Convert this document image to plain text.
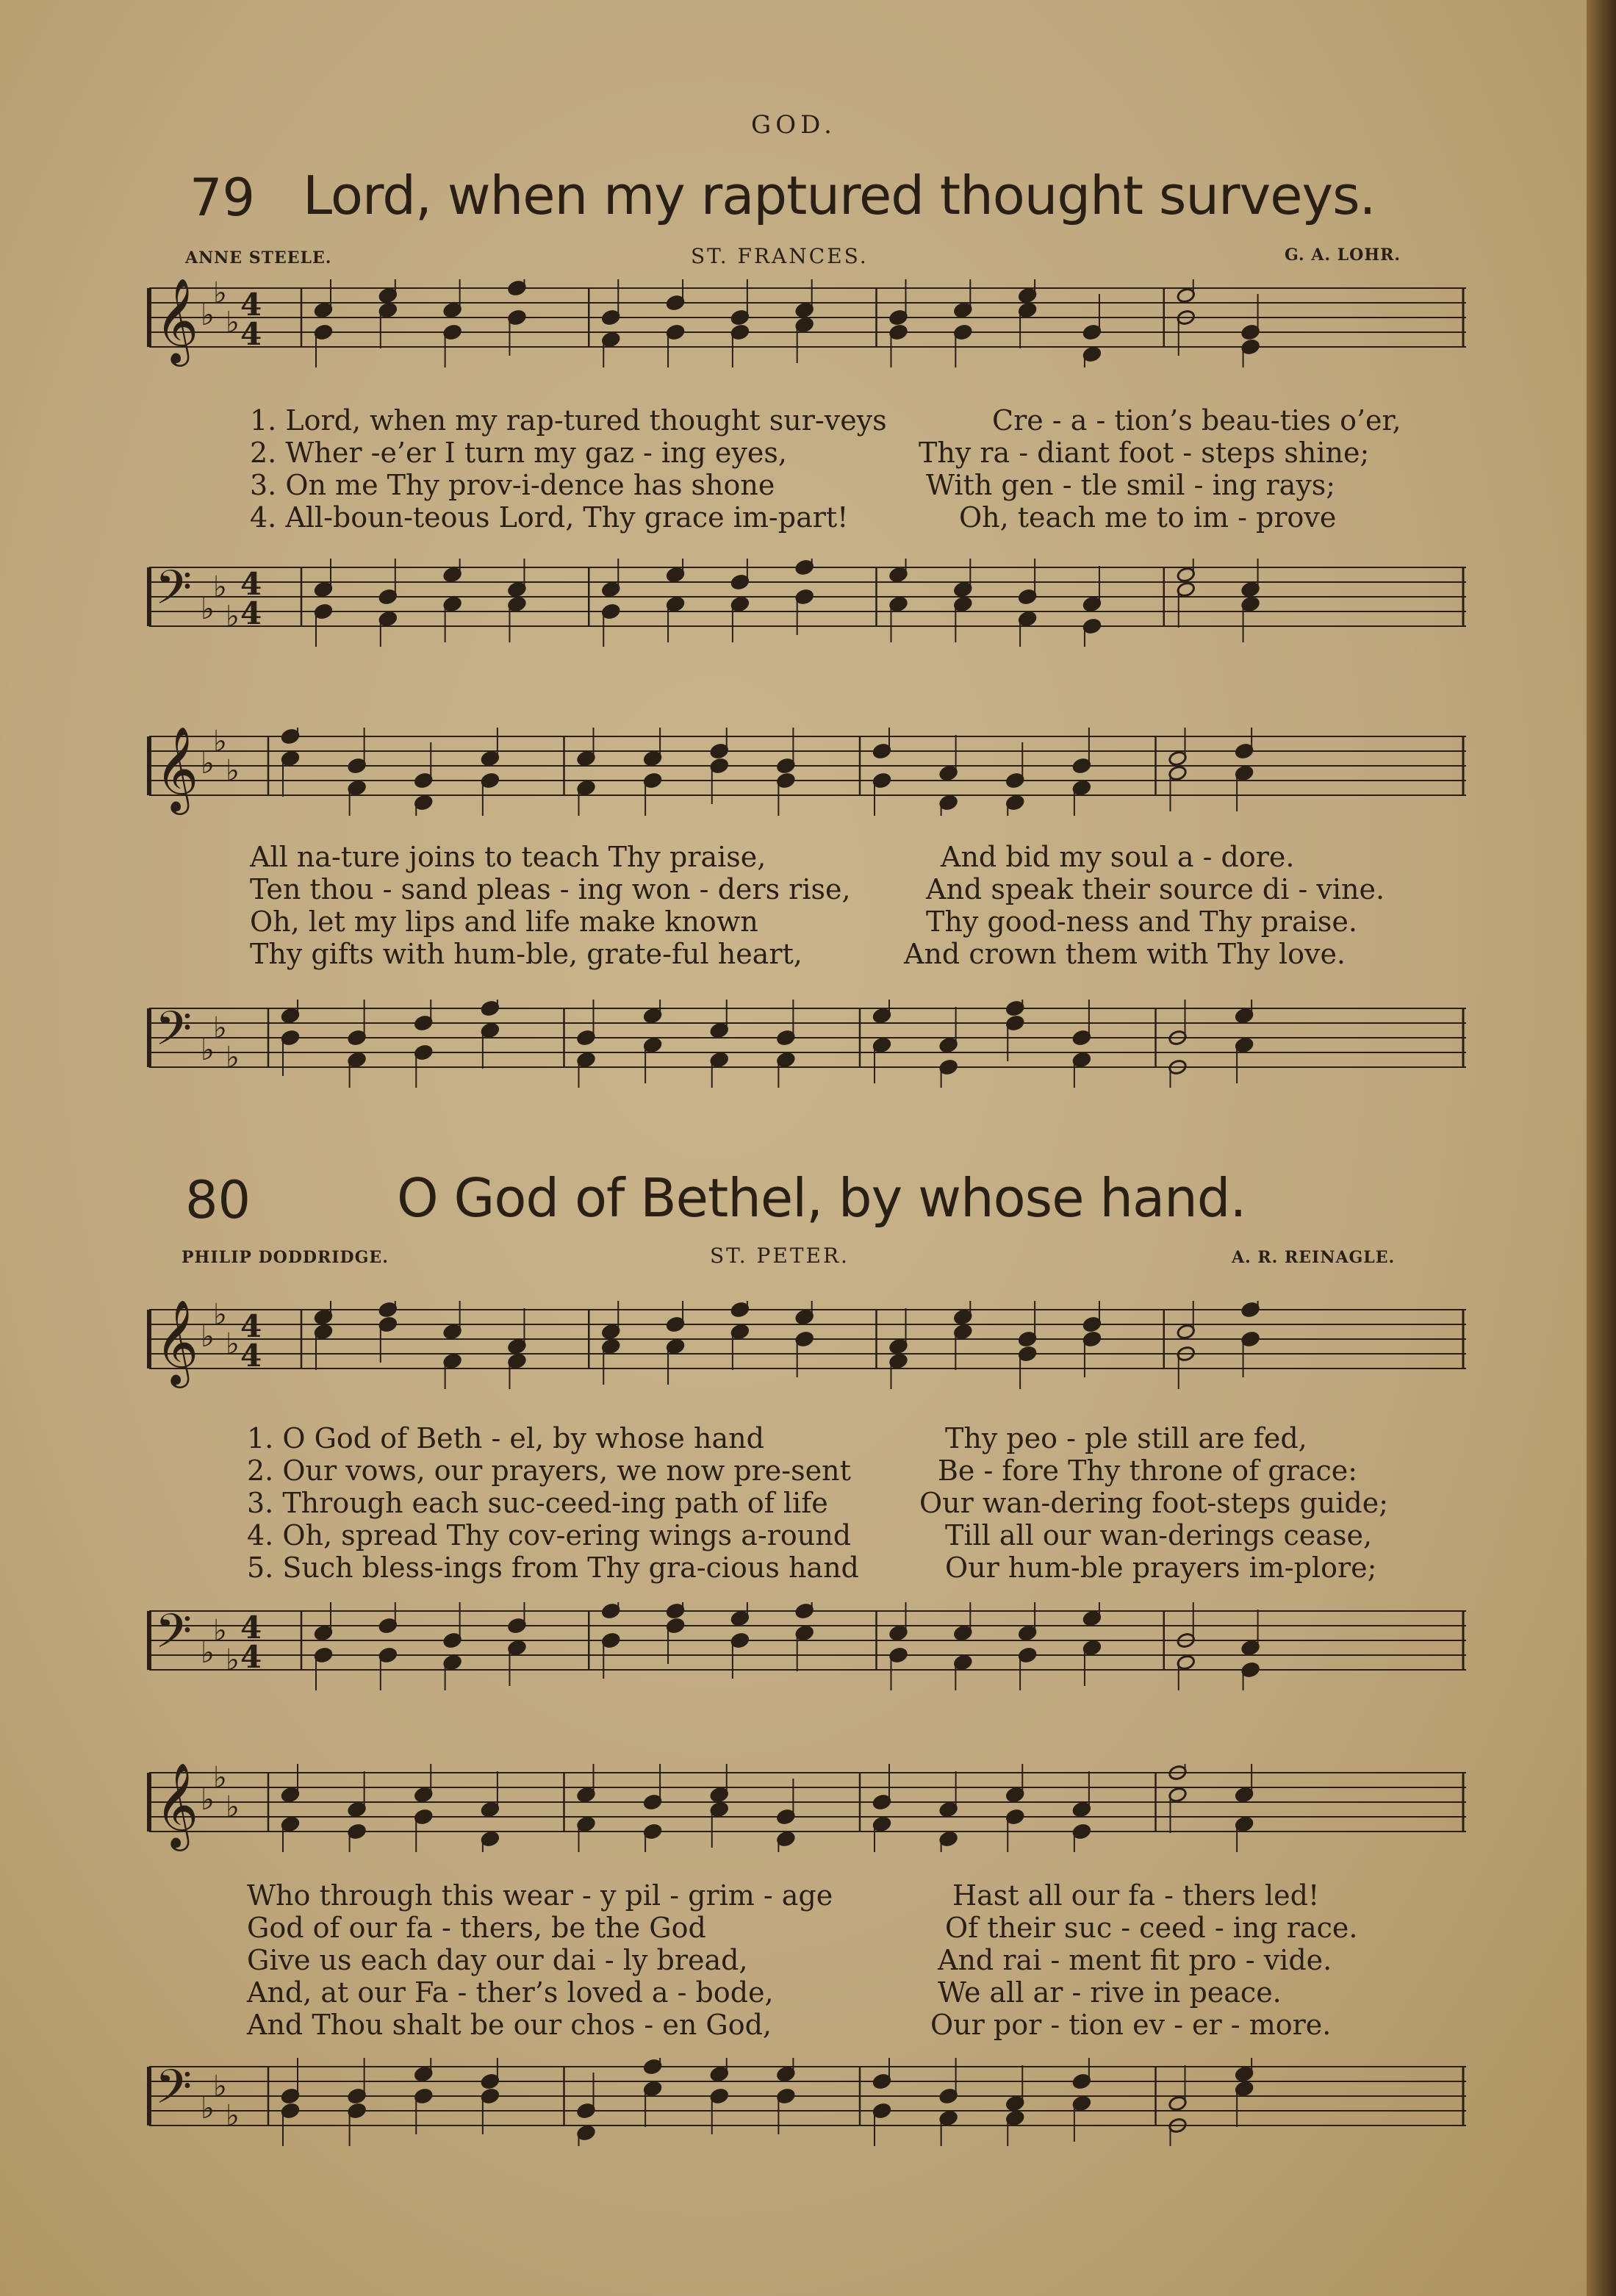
GOD.
79 Lord, when my raptured thought surveys.
ANNE STEELE.	ST. FRANCES.	G. A. LOHR.
𝄞 ♭
♭
♭ 4
4
1. Lord, when my rap-tured thought sur-veys	Cre - a - tion’s beau-ties o’er,
2. Wher -e’er I turn my gaz - ing eyes,	Thy ra - diant foot - steps shine;
3. On me Thy prov-i-dence has shone	With gen - tle smil - ing rays;
4. All-boun-teous Lord, Thy grace im-part!	Oh, teach me to im - prove
𝄢 ♭
♭
♭
4
4
𝄞 ♭
♭
♭
All na-ture joins to teach Thy praise,	And bid my soul a - dore.
Ten thou - sand pleas - ing won - ders rise,	And speak their source di - vine.
Oh, let my lips and life make known	Thy good-ness and Thy praise.
Thy gifts with hum-ble, grate-ful heart,	And crown them with Thy love.
𝄢 ♭
♭
♭
80	O God of Bethel, by whose hand.
PHILIP DODDRIDGE.	ST. PETER.	A. R. REINAGLE.
𝄞 ♭
♭
♭ 4
4
1. O God of Beth - el, by whose hand	Thy peo - ple still are fed,
2. Our vows, our prayers, we now pre-sent	Be - fore Thy throne of grace:
3. Through each suc-ceed-ing path of life	Our wan-dering foot-steps guide;
4. Oh, spread Thy cov-ering wings a-round	Till all our wan-derings cease,
5. Such bless-ings from Thy gra-cious hand	Our hum-ble prayers im-plore;
𝄢 ♭
♭
♭
4
4
𝄞 ♭
♭
♭
Who through this wear - y pil - grim - age	Hast all our fa - thers led!
God of our fa - thers, be the God	Of their suc - ceed - ing race.
Give us each day our dai - ly bread,	And rai - ment fit pro - vide.
And, at our Fa - ther’s loved a - bode,	We all ar - rive in peace.
And Thou shalt be our chos - en God,	Our por - tion ev - er - more.
𝄢 ♭
♭
♭
